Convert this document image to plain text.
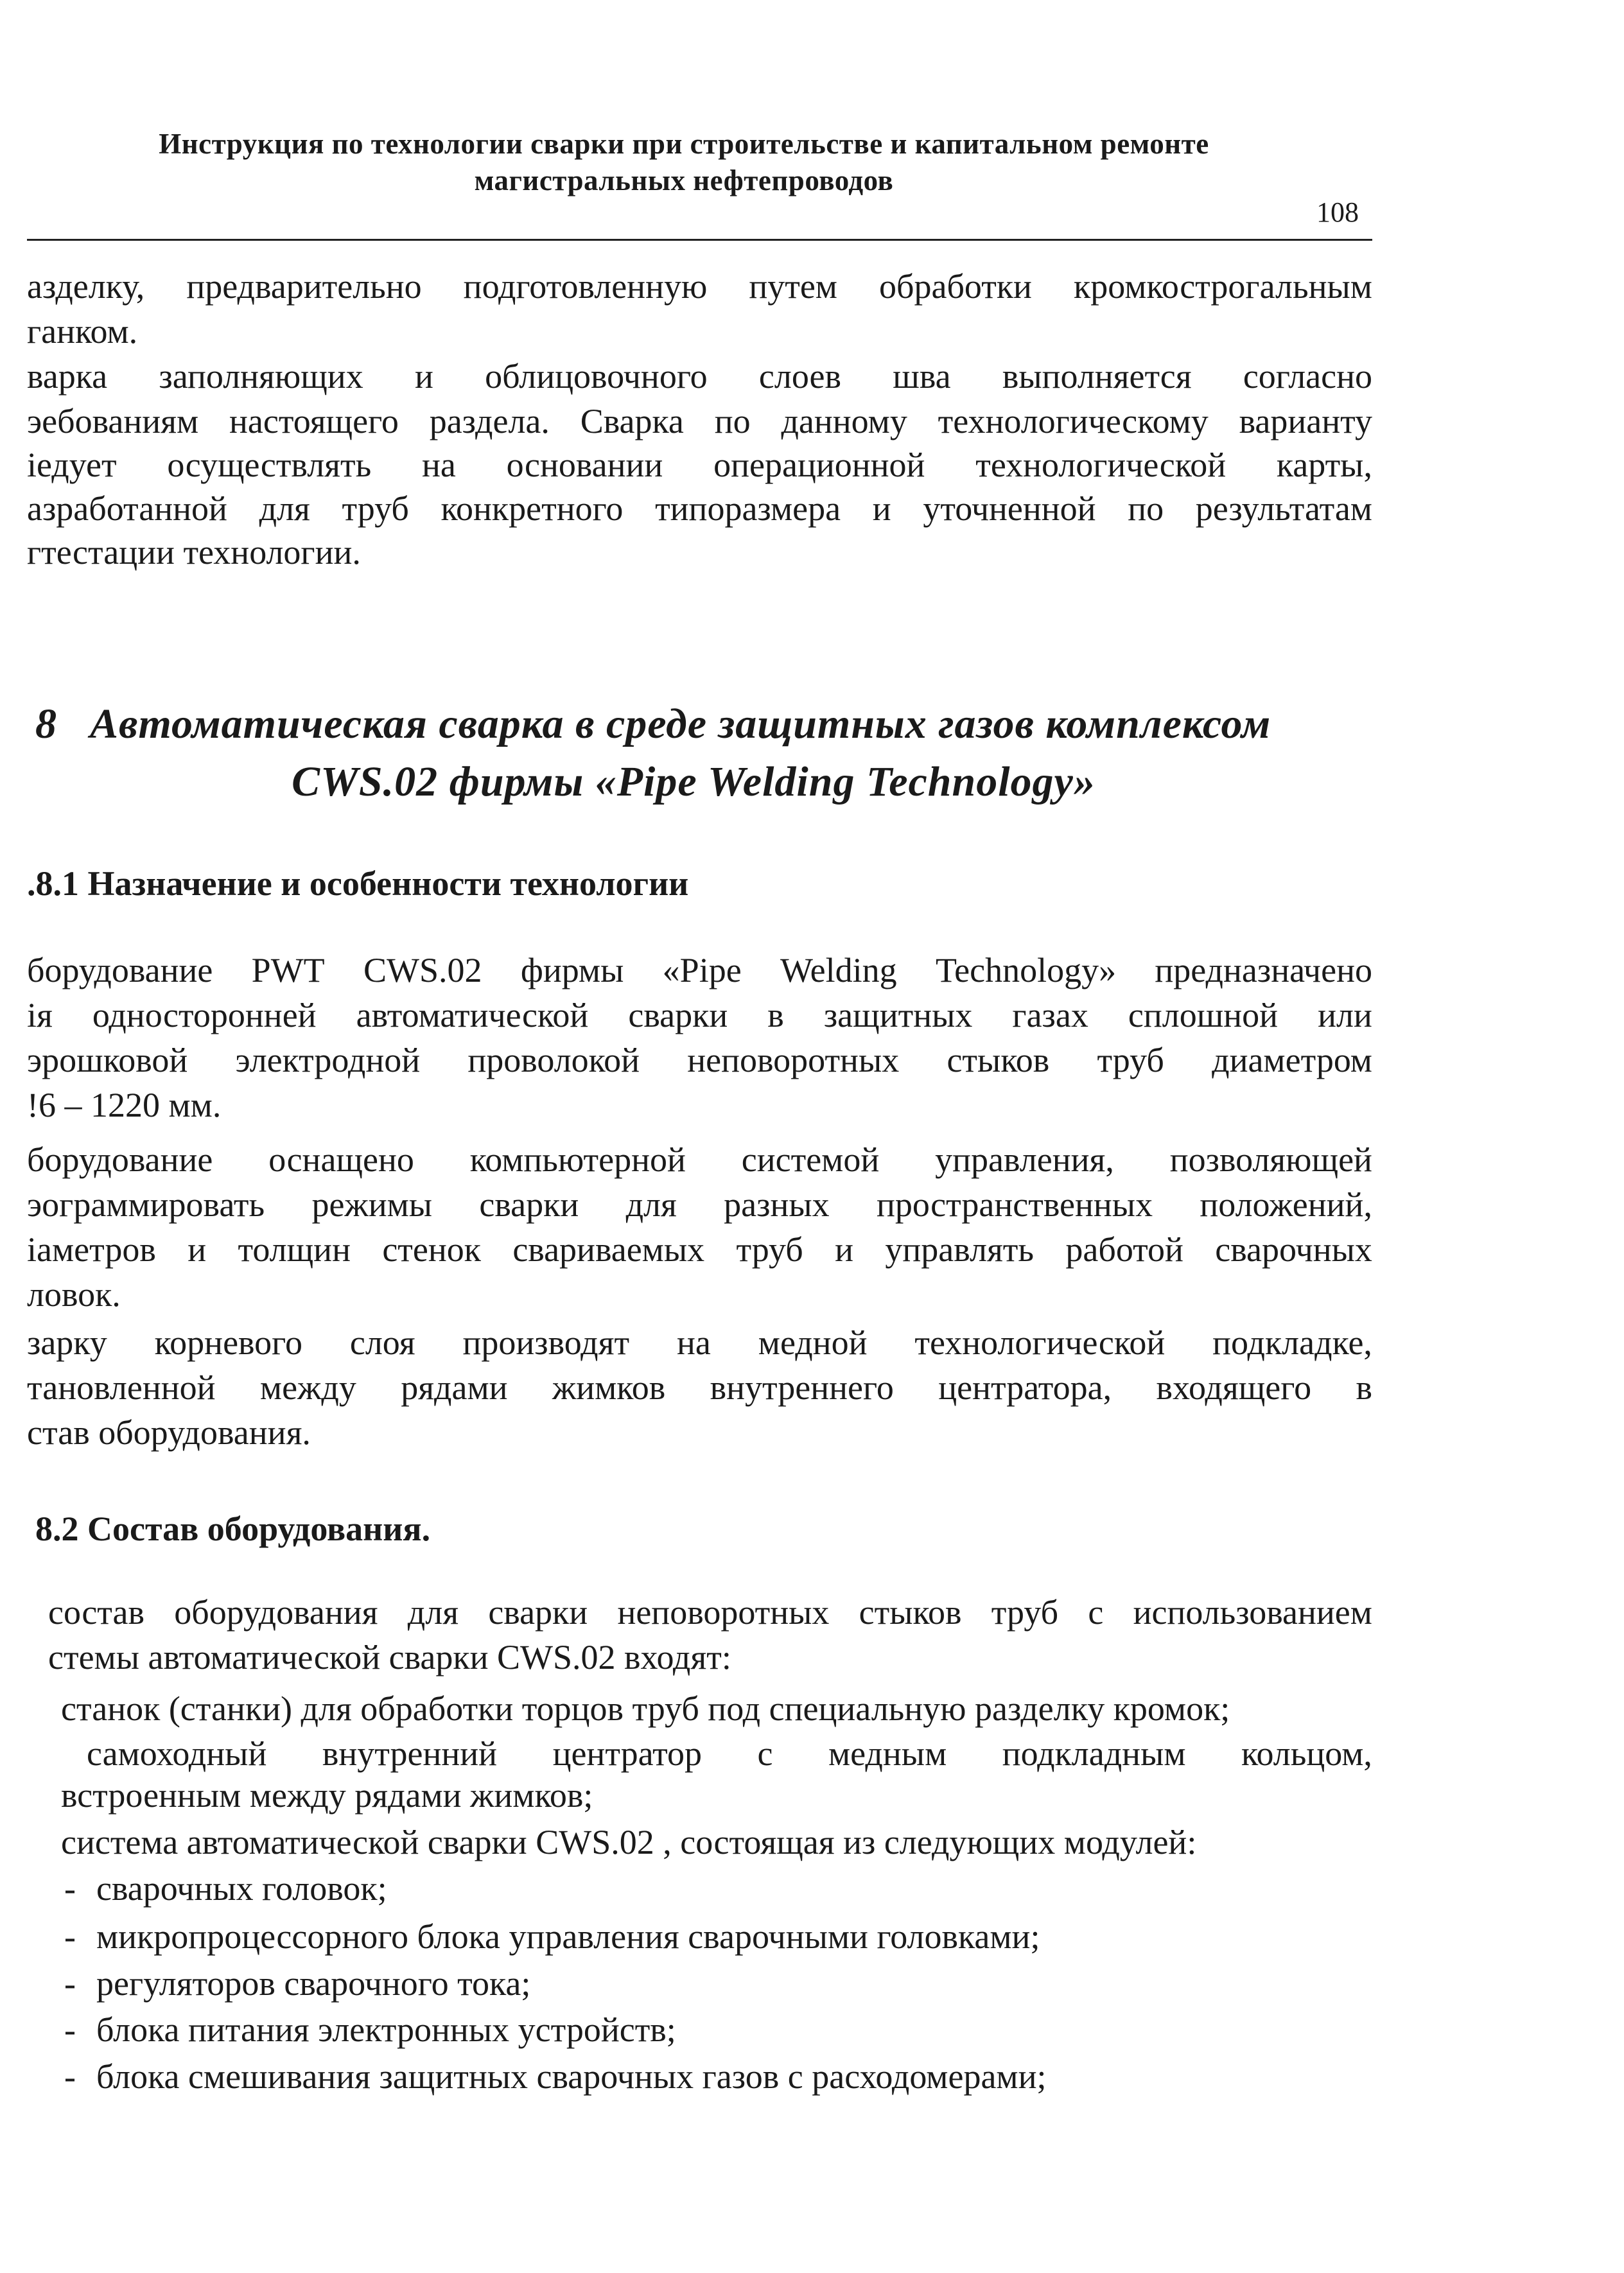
Инструкция по технологии сварки при строительстве и капитальном ремонте
магистральных нефтепроводов
108
азделку, предварительно подготовленную путем обработки кромкострогальным
ганком.
варка заполняющих и облицовочного слоев шва выполняется согласно
эебованиям настоящего раздела. Сварка по данному технологическому варианту
іедует осуществлять на основании операционной технологической карты,
азработанной для труб конкретного типоразмера и уточненной по результатам
гтестации технологии.
8 Автоматическая сварка в среде защитных газов комплексом
CWS.02 фирмы «Pipe Welding Technology»
.8.1 Назначение и особенности технологии
борудование PWT CWS.02 фирмы «Pipe Welding Technology» предназначено
ія односторонней автоматической сварки в защитных газах сплошной или
эрошковой электродной проволокой неповоротных стыков труб диаметром
!6 – 1220 мм.
борудование оснащено компьютерной системой управления, позволяющей
эограммировать режимы сварки для разных пространственных положений,
іаметров и толщин стенок свариваемых труб и управлять работой сварочных
ловок.
зарку корневого слоя производят на медной технологической подкладке,
тановленной между рядами жимков внутреннего центратора, входящего в
став оборудования.
8.2 Состав оборудования.
состав оборудования для сварки неповоротных стыков труб с использованием
стемы автоматической сварки CWS.02 входят:
станок (станки) для обработки торцов труб под специальную разделку кромок;
самоходный внутренний центратор с медным подкладным кольцом,
встроенным между рядами жимков;
система автоматической сварки CWS.02 , состоящая из следующих модулей:
- сварочных головок;
- микропроцессорного блока управления сварочными головками;
- регуляторов сварочного тока;
- блока питания электронных устройств;
- блока смешивания защитных сварочных газов с расходомерами;
